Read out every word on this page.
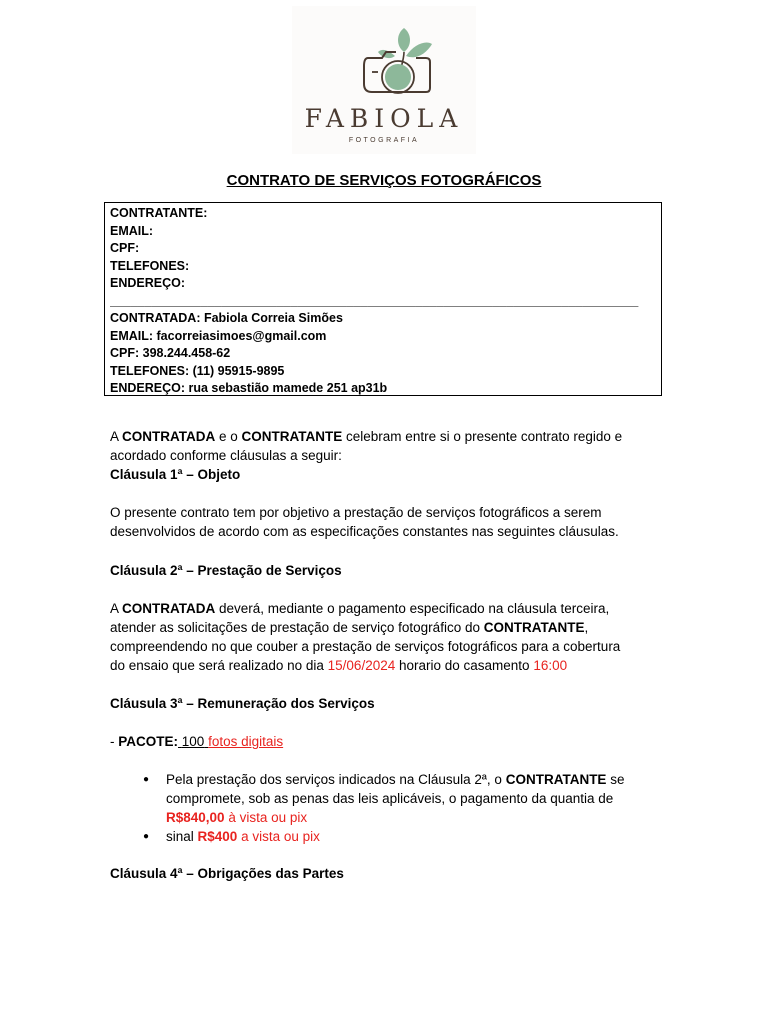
FABIOLA
FOTOGRAFIA
CONTRATO DE SERVIÇOS FOTOGRÁFICOS
CONTRATANTE:
EMAIL:
CPF:
TELEFONES:
ENDEREÇO:
____________________________________________________________________________
CONTRATADA: Fabiola Correia Simões
EMAIL: facorreiasimoes@gmail.com
CPF: 398.244.458-62
TELEFONES: (11) 95915-9895
ENDEREÇO: rua sebastião mamede 251 ap31b
A CONTRATADA e o CONTRATANTE celebram entre si o presente contrato regido e
acordado conforme cláusulas a seguir:
Cláusula 1ª – Objeto
O presente contrato tem por objetivo a prestação de serviços fotográficos a serem
desenvolvidos de acordo com as especificações constantes nas seguintes cláusulas.
Cláusula 2ª – Prestação de Serviços
A CONTRATADA deverá, mediante o pagamento especificado na cláusula terceira,
atender as solicitações de prestação de serviço fotográfico do CONTRATANTE,
compreendendo no que couber a prestação de serviços fotográficos para a cobertura
do ensaio que será realizado no dia 15/06/2024 horario do casamento 16:00
Cláusula 3ª – Remuneração dos Serviços
- PACOTE: 100 fotos digitais
● Pela prestação dos serviços indicados na Cláusula 2ª, o CONTRATANTE se
compromete, sob as penas das leis aplicáveis, o pagamento da quantia de
R$840,00 à vista ou pix
● sinal R$400 a vista ou pix
Cláusula 4ª – Obrigações das Partes
